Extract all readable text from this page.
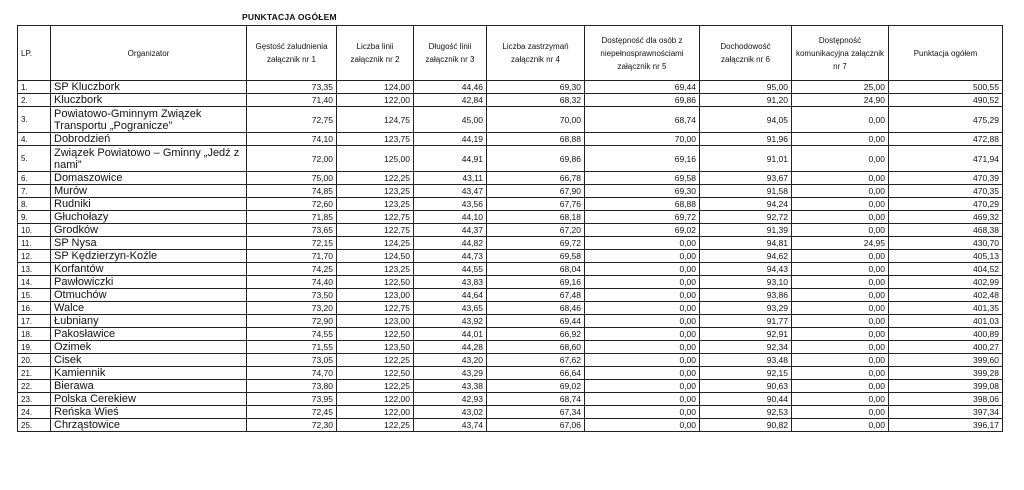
PUNKTACJA OGÓŁEM
LP.	Organizator	Gęstość zaludnienia załącznik nr 1	Liczba linii załącznik nr 2	Długość linii załącznik nr 3	Liczba zastrzymań załącznik nr 4	Dostępność dla osób z niepełnosprawnościami załącznik nr 5	Dochodowość załącznik nr 6	Dostępność komunikacyjna załącznik nr 7	Punktacja ogółem
1.	SP Kluczbork	73,35	124,00	44,46	69,30	69,44	95,00	25,00	500,55
2.	Kluczbork	71,40	122,00	42,84	68,32	69,86	91,20	24,90	490,52
3.	Powiatowo-Gminnym Związek Transportu „Pogranicze”	72,75	124,75	45,00	70,00	68,74	94,05	0,00	475,29
4.	Dobrodzień	74,10	123,75	44,19	68,88	70,00	91,96	0,00	472,88
5.	Związek Powiatowo – Gminny „Jedź z nami”	72,00	125,00	44,91	69,86	69,16	91,01	0,00	471,94
6.	Domaszowice	75,00	122,25	43,11	66,78	69,58	93,67	0,00	470,39
7.	Murów	74,85	123,25	43,47	67,90	69,30	91,58	0,00	470,35
8.	Rudniki	72,60	123,25	43,56	67,76	68,88	94,24	0,00	470,29
9.	Głuchołazy	71,85	122,75	44,10	68,18	69,72	92,72	0,00	469,32
10.	Grodków	73,65	122,75	44,37	67,20	69,02	91,39	0,00	468,38
11.	SP Nysa	72,15	124,25	44,82	69,72	0,00	94,81	24,95	430,70
12.	SP Kędzierzyn-Koźle	71,70	124,50	44,73	69,58	0,00	94,62	0,00	405,13
13.	Korfantów	74,25	123,25	44,55	68,04	0,00	94,43	0,00	404,52
14.	Pawłowiczki	74,40	122,50	43,83	69,16	0,00	93,10	0,00	402,99
15.	Otmuchów	73,50	123,00	44,64	67,48	0,00	93,86	0,00	402,48
16.	Walce	73,20	122,75	43,65	68,46	0,00	93,29	0,00	401,35
17.	Łubniany	72,90	123,00	43,92	69,44	0,00	91,77	0,00	401,03
18.	Pakosławice	74,55	122,50	44,01	66,92	0,00	92,91	0,00	400,89
19.	Ozimek	71,55	123,50	44,28	68,60	0,00	92,34	0,00	400,27
20.	Cisek	73,05	122,25	43,20	67,62	0,00	93,48	0,00	399,60
21.	Kamiennik	74,70	122,50	43,29	66,64	0,00	92,15	0,00	399,28
22.	Bierawa	73,80	122,25	43,38	69,02	0,00	90,63	0,00	399,08
23.	Polska Cerekiew	73,95	122,00	42,93	68,74	0,00	90,44	0,00	398,06
24.	Reńska Wieś	72,45	122,00	43,02	67,34	0,00	92,53	0,00	397,34
25.	Chrząstowice	72,30	122,25	43,74	67,06	0,00	90,82	0,00	396,17
